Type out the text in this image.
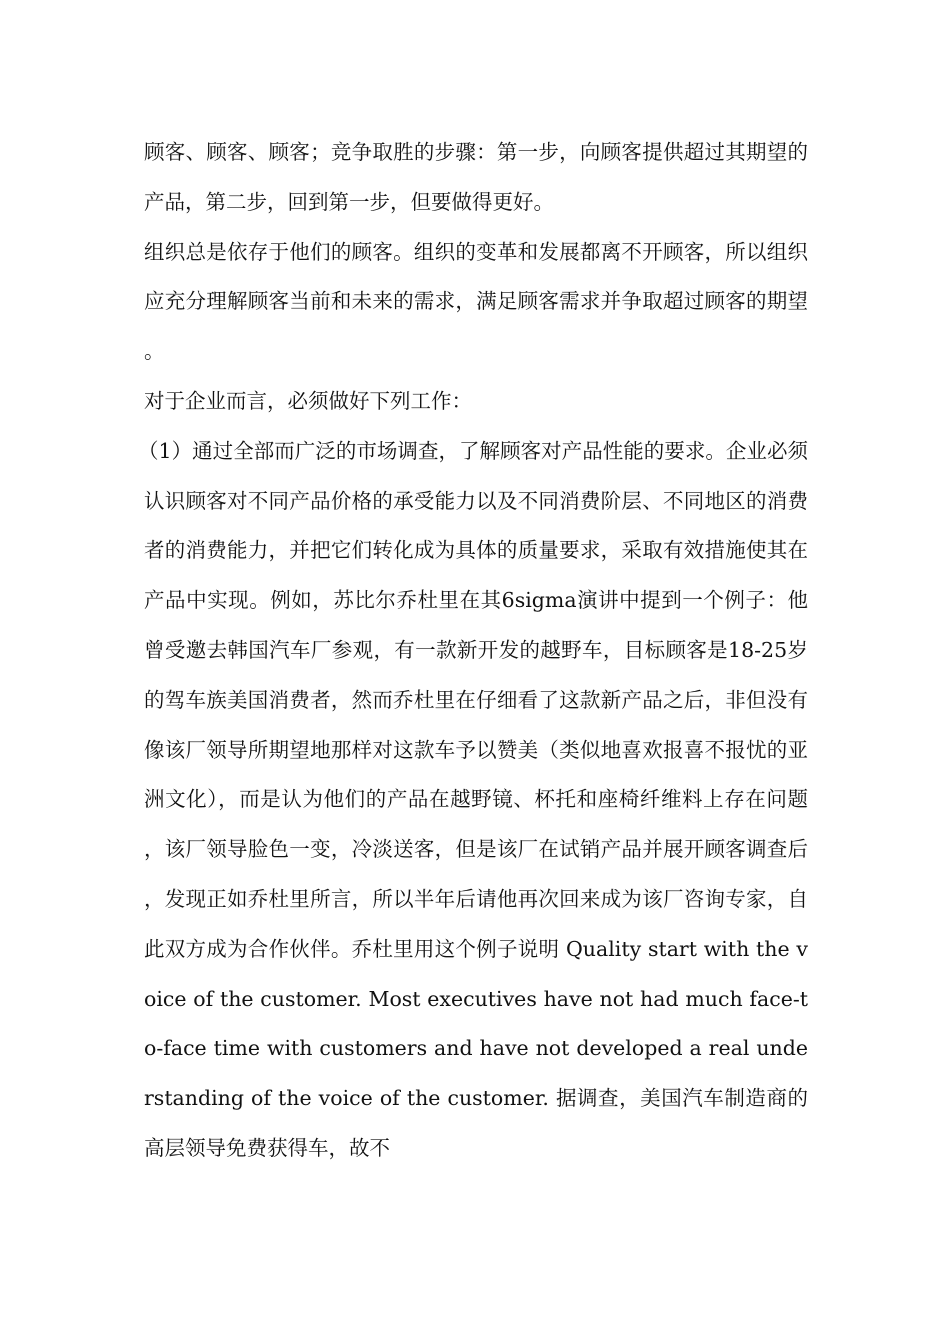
顾客、顾客、顾客；竞争取胜的步骤：第一步，向顾客提供超过其期望的产品，第二步，回到第一步，但要做得更好。

组织总是依存于他们的顾客。组织的变革和发展都离不开顾客，所以组织应充分理解顾客当前和未来的需求，满足顾客需求并争取超过顾客的期望。

对于企业而言，必须做好下列工作：

（1）通过全部而广泛的市场调查，了解顾客对产品性能的要求。企业必须认识顾客对不同产品价格的承受能力以及不同消费阶层、不同地区的消费者的消费能力，并把它们转化成为具体的质量要求，采取有效措施使其在产品中实现。例如，苏比尔乔杜里在其6sigma演讲中提到一个例子：他曾受邀去韩国汽车厂参观，有一款新开发的越野车，目标顾客是18-25岁的驾车族美国消费者，然而乔杜里在仔细看了这款新产品之后，非但没有像该厂领导所期望地那样对这款车予以赞美（类似地喜欢报喜不报忧的亚洲文化），而是认为他们的产品在越野镜、杯托和座椅纤维料上存在问题，该厂领导脸色一变，冷淡送客，但是该厂在试销产品并展开顾客调查后，发现正如乔杜里所言，所以半年后请他再次回来成为该厂咨询专家，自此双方成为合作伙伴。乔杜里用这个例子说明 Quality start with the voice of the customer. Most executives have not had much face-to-face time with customers and have not developed a real understanding of the voice of the customer. 据调查，美国汽车制造商的高层领导免费获得车，故不
